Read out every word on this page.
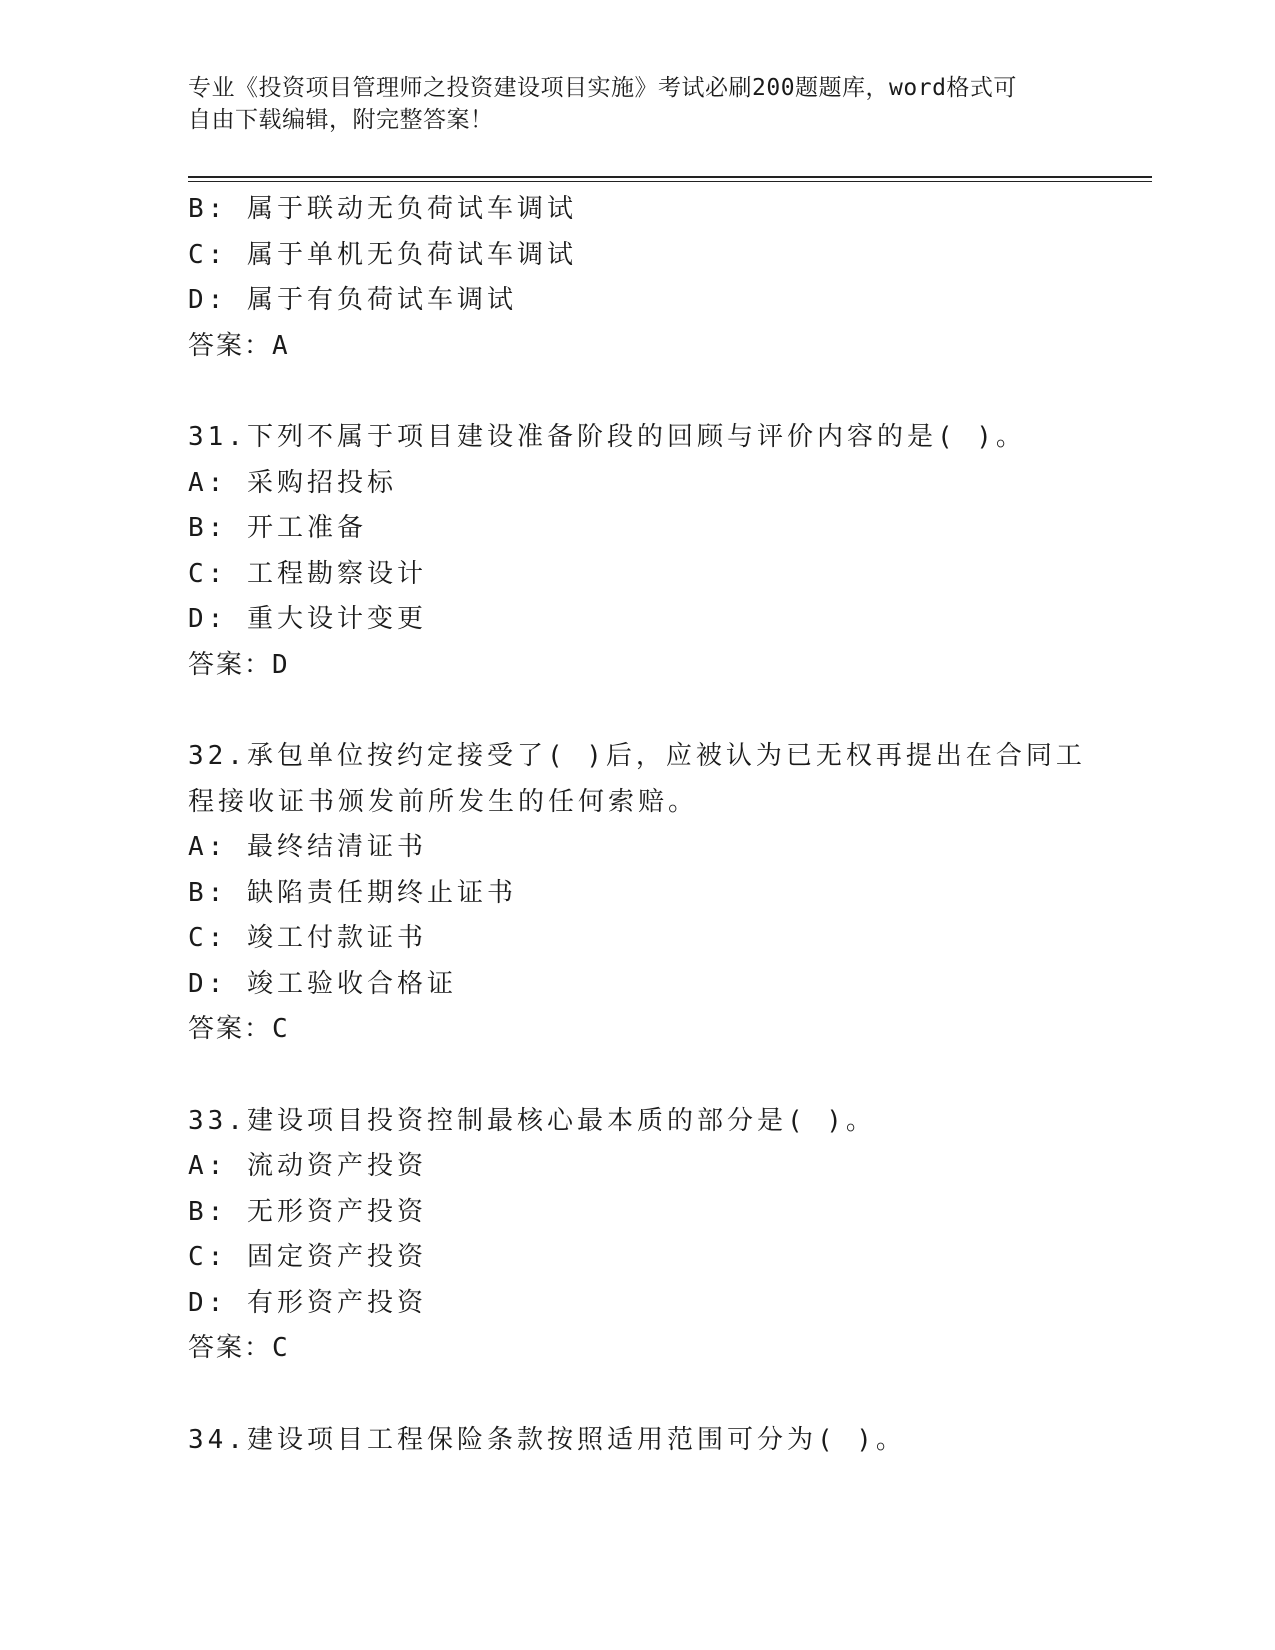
专业《投资项目管理师之投资建设项目实施》考试必刷200题题库，word格式可
自由下载编辑，附完整答案！
B: 属于联动无负荷试车调试
C: 属于单机无负荷试车调试
D: 属于有负荷试车调试
答案：A
31.下列不属于项目建设准备阶段的回顾与评价内容的是( )。
A: 采购招投标
B: 开工准备
C: 工程勘察设计
D: 重大设计变更
答案：D
32.承包单位按约定接受了( )后，应被认为已无权再提出在合同工
程接收证书颁发前所发生的任何索赔。
A: 最终结清证书
B: 缺陷责任期终止证书
C: 竣工付款证书
D: 竣工验收合格证
答案：C
33.建设项目投资控制最核心最本质的部分是( )。
A: 流动资产投资
B: 无形资产投资
C: 固定资产投资
D: 有形资产投资
答案：C
34.建设项目工程保险条款按照适用范围可分为( )。
